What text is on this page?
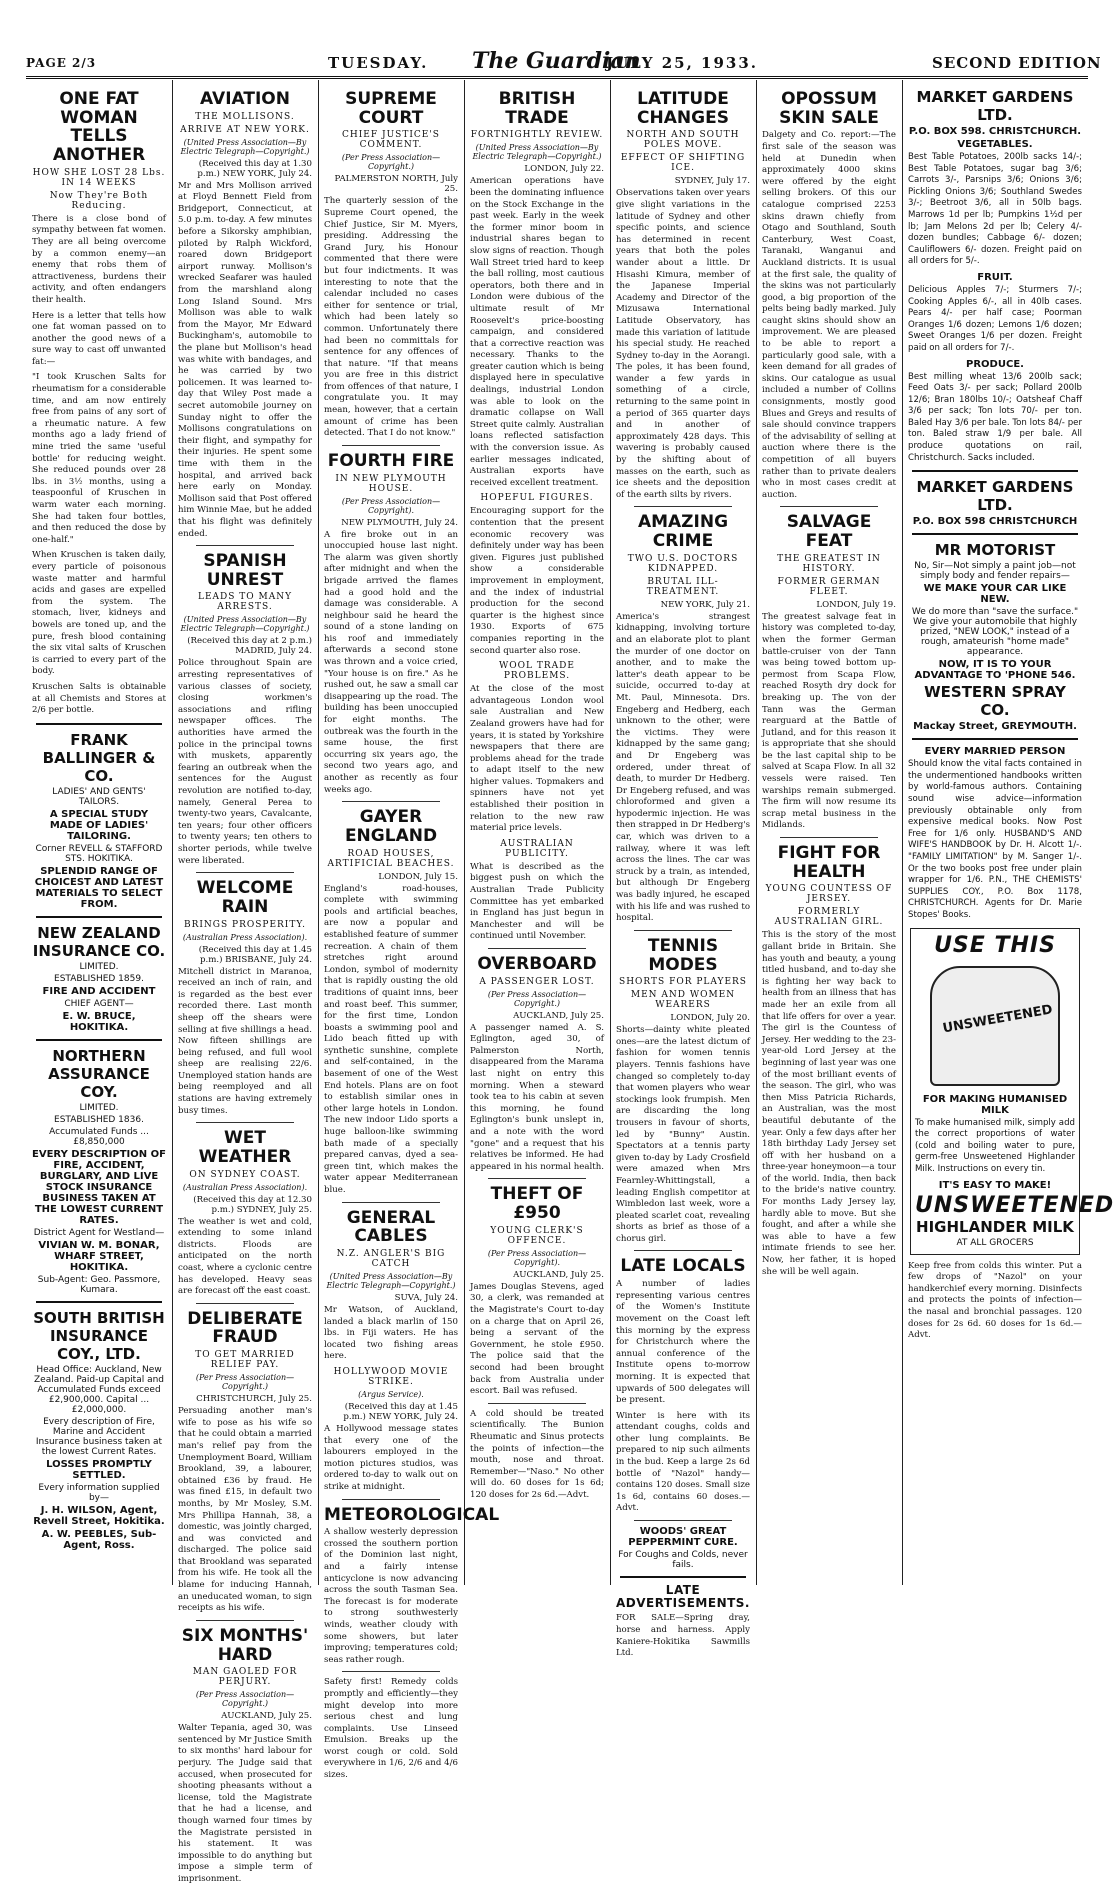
PAGE 2/3	TUESDAY. The Guardian
JULY 25, 1933.	SECOND EDITION
ONE FAT WOMAN TELLS ANOTHER
HOW SHE LOST 28 Lbs. IN 14 WEEKS
Now They're Both Reducing.

There is a close bond of sympathy between fat women. They are all being overcome by a common enemy—an enemy that robs them of attractiveness, burdens their activity, and often endangers their health.

Here is a letter that tells how one fat woman passed on to another the good news of a sure way to cast off unwanted fat:—

"I took Kruschen Salts for rheumatism for a considerable time, and am now entirely free from pains of any sort of a rheumatic nature. A few months ago a lady friend of mine tried the same 'useful bottle' for reducing weight. She reduced pounds over 28 lbs. in 3½ months, using a teaspoonful of Kruschen in warm water each morning. She had taken four bottles, and then reduced the dose by one-half."

When Kruschen is taken daily, every particle of poisonous waste matter and harmful acids and gases are expelled from the system. The stomach, liver, kidneys and bowels are toned up, and the pure, fresh blood containing the six vital salts of Kruschen is carried to every part of the body.

Kruschen Salts is obtainable at all Chemists and Stores at 2/6 per bottle.

FRANK BALLINGER & CO.
LADIES' AND GENTS' TAILORS.
A SPECIAL STUDY MADE OF LADIES' TAILORING.
Corner REVELL & STAFFORD STS. HOKITIKA.
SPLENDID RANGE OF CHOICEST AND LATEST MATERIALS TO SELECT FROM.
NEW ZEALAND INSURANCE CO.
LIMITED.
ESTABLISHED 1859.
FIRE AND ACCIDENT
CHIEF AGENT—
E. W. BRUCE, HOKITIKA.
NORTHERN ASSURANCE COY.
LIMITED.
ESTABLISHED 1836.
Accumulated Funds ... £8,850,000
EVERY DESCRIPTION OF FIRE, ACCIDENT, BURGLARY, AND LIVE STOCK INSURANCE BUSINESS TAKEN AT THE LOWEST CURRENT RATES.
District Agent for Westland—
VIVIAN W. M. BONAR, WHARF STREET, HOKITIKA.
Sub-Agent: Geo. Passmore, Kumara.
SOUTH BRITISH INSURANCE COY., LTD.
Head Office: Auckland, New Zealand. Paid-up Capital and Accumulated Funds exceed £2,900,000. Capital ... £2,000,000.
Every description of Fire, Marine and Accident Insurance business taken at the lowest Current Rates.
LOSSES PROMPTLY SETTLED.
Every information supplied by—
J. H. WILSON, Agent, Revell Street, Hokitika.
A. W. PEEBLES, Sub-Agent, Ross.
AVIATION
THE MOLLISONS.
ARRIVE AT NEW YORK.
(United Press Association—By Electric Telegraph—Copyright.)
(Received this day at 1.30 p.m.) NEW YORK, July 24.

Mr and Mrs Mollison arrived at Floyd Bennett Field from Bridgeport, Connecticut, at 5.0 p.m. to-day. A few minutes before a Sikorsky amphibian, piloted by Ralph Wickford, roared down Bridgeport airport runway. Mollison's wrecked Seafarer was hauled from the marshland along Long Island Sound. Mrs Mollison was able to walk from the Mayor, Mr Edward Buckingham's, automobile to the plane but Mollison's head was white with bandages, and he was carried by two policemen. It was learned to-day that Wiley Post made a secret automobile journey on Sunday night to offer the Mollisons congratulations on their flight, and sympathy for their injuries. He spent some time with them in the hospital, and arrived back here early on Monday. Mollison said that Post offered him Winnie Mae, but he added that his flight was definitely ended.

SPANISH UNREST
LEADS TO MANY ARRESTS.
(United Press Association—By Electric Telegraph—Copyright.)
(Received this day at 2 p.m.) MADRID, July 24.

Police throughout Spain are arresting representatives of various classes of society, closing workmen's associations and rifling newspaper offices. The authorities have armed the police in the principal towns with muskets, apparently fearing an outbreak when the sentences for the August revolution are notified to-day, namely, General Perea to twenty-two years, Cavalcante, ten years; four other officers to twenty years; ten others to shorter periods, while twelve were liberated.

WELCOME RAIN
BRINGS PROSPERITY.
(Australian Press Association).
(Received this day at 1.45 p.m.) BRISBANE, July 24.

Mitchell district in Maranoa, received an inch of rain, and is regarded as the best ever recorded there. Last month sheep off the shears were selling at five shillings a head. Now fifteen shillings are being refused, and full wool sheep are realising 22/6. Unemployed station hands are being reemployed and all stations are having extremely busy times.

WET WEATHER
ON SYDNEY COAST.
(Australian Press Association).
(Received this day at 12.30 p.m.) SYDNEY, July 25.

The weather is wet and cold, extending to some inland districts. Floods are anticipated on the north coast, where a cyclonic centre has developed. Heavy seas are forecast off the east coast.

DELIBERATE FRAUD
TO GET MARRIED RELIEF PAY.
(Per Press Association—Copyright.)
CHRISTCHURCH, July 25.

Persuading another man's wife to pose as his wife so that he could obtain a married man's relief pay from the Unemployment Board, William Brookland, 39, a labourer, obtained £36 by fraud. He was fined £15, in default two months, by Mr Mosley, S.M. Mrs Phillipa Hannah, 38, a domestic, was jointly charged, and was convicted and discharged. The police said that Brookland was separated from his wife. He took all the blame for inducing Hannah, an uneducated woman, to sign receipts as his wife.

SIX MONTHS' HARD
MAN GAOLED FOR PERJURY.
(Per Press Association—Copyright.)
AUCKLAND, July 25.

Walter Tepania, aged 30, was sentenced by Mr Justice Smith to six months' hard labour for perjury. The Judge said that accused, when prosecuted for shooting pheasants without a license, told the Magistrate that he had a license, and though warned four times by the Magistrate persisted in his statement. It was impossible to do anything but impose a simple term of imprisonment.

SUPREME COURT
CHIEF JUSTICE'S COMMENT.
(Per Press Association—Copyright.)
PALMERSTON NORTH, July 25.

The quarterly session of the Supreme Court opened, the Chief Justice, Sir M. Myers, presiding. Addressing the Grand Jury, his Honour commented that there were but four indictments. It was interesting to note that the calendar included no cases either for sentence or trial, which had been lately so common. Unfortunately there had been no committals for sentence for any offences of that nature. "If that means you are free in this district from offences of that nature, I congratulate you. It may mean, however, that a certain amount of crime has been detected. That I do not know."

FOURTH FIRE
IN NEW PLYMOUTH HOUSE.
(Per Press Association—Copyright).
NEW PLYMOUTH, July 24.

A fire broke out in an unoccupied house last night. The alarm was given shortly after midnight and when the brigade arrived the flames had a good hold and the damage was considerable. A neighbour said he heard the sound of a stone landing on his roof and immediately afterwards a second stone was thrown and a voice cried, "Your house is on fire." As he rushed out, he saw a small car disappearing up the road. The building has been unoccupied for eight months. The outbreak was the fourth in the same house, the first occurring six years ago, the second two years ago, and another as recently as four weeks ago.

GAYER ENGLAND
ROAD HOUSES, ARTIFICIAL BEACHES.
LONDON, July 15.

England's road-houses, complete with swimming pools and artificial beaches, are now a popular and established feature of summer recreation. A chain of them stretches right around London, symbol of modernity that is rapidly ousting the old traditions of quaint inns, beer and roast beef. This summer, for the first time, London boasts a swimming pool and Lido beach fitted up with synthetic sunshine, complete and self-contained, in the basement of one of the West End hotels. Plans are on foot to establish similar ones in other large hotels in London. The new indoor Lido sports a huge balloon-like swimming bath made of a specially prepared canvas, dyed a sea-green tint, which makes the water appear Mediterranean blue.

GENERAL CABLES
N.Z. ANGLER'S BIG CATCH
(United Press Association—By Electric Telegraph—Copyright.)
SUVA, July 24.

Mr Watson, of Auckland, landed a black marlin of 150 lbs. in Fiji waters. He has located two fishing areas here.

HOLLYWOOD MOVIE STRIKE.
(Argus Service).
(Received this day at 1.45 p.m.) NEW YORK, July 24.

A Hollywood message states that every one of the labourers employed in the motion pictures studios, was ordered to-day to walk out on strike at midnight.

METEOROLOGICAL

A shallow westerly depression crossed the southern portion of the Dominion last night, and a fairly intense anticyclone is now advancing across the south Tasman Sea. The forecast is for moderate to strong southwesterly winds, weather cloudy with some showers, but later improving; temperatures cold; seas rather rough.

Safety first! Remedy colds promptly and efficiently—they might develop into more serious chest and lung complaints. Use Linseed Emulsion. Breaks up the worst cough or cold. Sold everywhere in 1/6, 2/6 and 4/6 sizes.

BRITISH TRADE
FORTNIGHTLY REVIEW.
(United Press Association—By Electric Telegraph—Copyright.)
LONDON, July 22.

American operations have been the dominating influence on the Stock Exchange in the past week. Early in the week the former minor boom in industrial shares began to slow signs of reaction. Though Wall Street tried hard to keep the ball rolling, most cautious operators, both there and in London were dubious of the ultimate result of Mr Roosevelt's price-boosting campaign, and considered that a corrective reaction was necessary. Thanks to the greater caution which is being displayed here in speculative dealings, industrial London was able to look on the dramatic collapse on Wall Street quite calmly. Australian loans reflected satisfaction with the conversion issue. As earlier messages indicated, Australian exports have received excellent treatment.

HOPEFUL FIGURES.

Encouraging support for the contention that the present economic recovery was definitely under way has been given. Figures just published show a considerable improvement in employment, and the index of industrial production for the second quarter is the highest since 1930. Exports of 675 companies reporting in the second quarter also rose.

WOOL TRADE PROBLEMS.

At the close of the most advantageous London wool sale Australian and New Zealand growers have had for years, it is stated by Yorkshire newspapers that there are problems ahead for the trade to adapt itself to the new higher values. Topmakers and spinners have not yet established their position in relation to the new raw material price levels.

AUSTRALIAN PUBLICITY.

What is described as the biggest push on which the Australian Trade Publicity Committee has yet embarked in England has just begun in Manchester and will be continued until November.

OVERBOARD
A PASSENGER LOST.
(Per Press Association—Copyright.)
AUCKLAND, July 25.

A passenger named A. S. Eglington, aged 30, of Palmerston North, disappeared from the Marama last night on entry this morning. When a steward took tea to his cabin at seven this morning, he found Eglington's bunk unslept in, and a note with the word "gone" and a request that his relatives be informed. He had appeared in his normal health.

THEFT OF £950
YOUNG CLERK'S OFFENCE.
(Per Press Association—Copyright).
AUCKLAND, July 25.

James Douglas Stevens, aged 30, a clerk, was remanded at the Magistrate's Court to-day on a charge that on April 26, being a servant of the Government, he stole £950. The police said that the second had been brought back from Australia under escort. Bail was refused.

A cold should be treated scientifically. The Bunion Rheumatic and Sinus protects the points of infection—the mouth, nose and throat. Remember—"Naso." No other will do. 60 doses for 1s 6d; 120 doses for 2s 6d.—Advt.

LATITUDE CHANGES
NORTH AND SOUTH POLES MOVE.
EFFECT OF SHIFTING ICE.
SYDNEY, July 17.

Observations taken over years give slight variations in the latitude of Sydney and other specific points, and science has determined in recent years that both the poles wander about a little. Dr Hisashi Kimura, member of the Japanese Imperial Academy and Director of the Mizusawa International Latitude Observatory, has made this variation of latitude his special study. He reached Sydney to-day in the Aorangi. The poles, it has been found, wander a few yards in something of a circle, returning to the same point in a period of 365 quarter days and in another of approximately 428 days. This wavering is probably caused by the shifting about of masses on the earth, such as ice sheets and the deposition of the earth silts by rivers.

AMAZING CRIME
TWO U.S. DOCTORS KIDNAPPED.
BRUTAL ILL-TREATMENT.
NEW YORK, July 21.

America's strangest kidnapping, involving torture and an elaborate plot to plant the murder of one doctor on another, and to make the latter's death appear to be suicide, occurred to-day at Mt. Paul, Minnesota. Drs. Engeberg and Hedberg, each unknown to the other, were the victims. They were kidnapped by the same gang; and Dr Engeberg was ordered, under threat of death, to murder Dr Hedberg. Dr Engeberg refused, and was chloroformed and given a hypodermic injection. He was then strapped in Dr Hedberg's car, which was driven to a railway, where it was left across the lines. The car was struck by a train, as intended, but although Dr Engeberg was badly injured, he escaped with his life and was rushed to hospital.

TENNIS MODES
SHORTS FOR PLAYERS
MEN AND WOMEN WEARERS
LONDON, July 20.

Shorts—dainty white pleated ones—are the latest dictum of fashion for women tennis players. Tennis fashions have changed so completely to-day that women players who wear stockings look frumpish. Men are discarding the long trousers in favour of shorts, led by "Bunny" Austin. Spectators at a tennis party given to-day by Lady Crosfield were amazed when Mrs Fearnley-Whittingstall, a leading English competitor at Wimbledon last week, wore a pleated scarlet coat, revealing shorts as brief as those of a chorus girl.

LATE LOCALS

A number of ladies representing various centres of the Women's Institute movement on the Coast left this morning by the express for Christchurch where the annual conference of the Institute opens to-morrow morning. It is expected that upwards of 500 delegates will be present.

Winter is here with its attendant coughs, colds and other lung complaints. Be prepared to nip such ailments in the bud. Keep a large 2s 6d bottle of "Nazol" handy—contains 120 doses. Small size 1s 6d, contains 60 doses.—Advt.

WOODS' GREAT PEPPERMINT CURE.
For Coughs and Colds, never fails.
LATE ADVERTISEMENTS.

FOR SALE—Spring dray, horse and harness. Apply Kaniere-Hokitika Sawmills Ltd.

OPOSSUM SKIN SALE

Dalgety and Co. report:—The first sale of the season was held at Dunedin when approximately 4000 skins were offered by the eight selling brokers. Of this our catalogue comprised 2253 skins drawn chiefly from Otago and Southland, South Canterbury, West Coast, Taranaki, Wanganui and Auckland districts. It is usual at the first sale, the quality of the skins was not particularly good, a big proportion of the pelts being badly marked. July caught skins should show an improvement. We are pleased to be able to report a particularly good sale, with a keen demand for all grades of skins. Our catalogue as usual included a number of Collins consignments, mostly good Blues and Greys and results of sale should convince trappers of the advisability of selling at auction where there is the competition of all buyers rather than to private dealers who in most cases credit at auction.

SALVAGE FEAT
THE GREATEST IN HISTORY.
FORMER GERMAN FLEET.
LONDON, July 19.

The greatest salvage feat in history was completed to-day, when the former German battle-cruiser von der Tann was being towed bottom up-permost from Scapa Flow, reached Rosyth dry dock for breaking up. The von der Tann was the German rearguard at the Battle of Jutland, and for this reason it is appropriate that she should be the last capital ship to be salved at Scapa Flow. In all 32 vessels were raised. Ten warships remain submerged. The firm will now resume its scrap metal business in the Midlands.

FIGHT FOR HEALTH
YOUNG COUNTESS OF JERSEY.
FORMERLY AUSTRALIAN GIRL.

This is the story of the most gallant bride in Britain. She has youth and beauty, a young titled husband, and to-day she is fighting her way back to health from an illness that has made her an exile from all that life offers for over a year. The girl is the Countess of Jersey. Her wedding to the 23-year-old Lord Jersey at the beginning of last year was one of the most brilliant events of the season. The girl, who was then Miss Patricia Richards, an Australian, was the most beautiful debutante of the year. Only a few days after her 18th birthday Lady Jersey set off with her husband on a three-year honeymoon—a tour of the world. India, then back to the bride's native country. For months Lady Jersey lay, hardly able to move. But she fought, and after a while she was able to have a few intimate friends to see her. Now, her father, it is hoped she will be well again.

MARKET GARDENS LTD.
P.O. BOX 598. CHRISTCHURCH.
VEGETABLES.

Best Table Potatoes, 200lb sacks 14/-; Best Table Potatoes, sugar bag 3/6; Carrots 3/-, Parsnips 3/6; Onions 3/6; Pickling Onions 3/6; Southland Swedes 3/-; Beetroot 3/6, all in 50lb bags. Marrows 1d per lb; Pumpkins 1½d per lb; Jam Melons 2d per lb; Celery 4/- dozen bundles; Cabbage 6/- dozen; Cauliflowers 6/- dozen. Freight paid on all orders for 5/-.

FRUIT.

Delicious Apples 7/-; Sturmers 7/-; Cooking Apples 6/-, all in 40lb cases. Pears 4/- per half case; Poorman Oranges 1/6 dozen; Lemons 1/6 dozen; Sweet Oranges 1/6 per dozen. Freight paid on all orders for 7/-.

PRODUCE.

Best milling wheat 13/6 200lb sack; Feed Oats 3/- per sack; Pollard 200lb 12/6; Bran 180lbs 10/-; Oatsheaf Chaff 3/6 per sack; Ton lots 70/- per ton. Baled Hay 3/6 per bale. Ton lots 84/- per ton. Baled straw 1/9 per bale. All produce quotations on rail, Christchurch. Sacks included.

MARKET GARDENS LTD.
P.O. BOX 598 CHRISTCHURCH
MR MOTORIST
No, Sir—Not simply a paint job—not simply body and fender repairs—
WE MAKE YOUR CAR LIKE NEW.
We do more than "save the surface." We give your automobile that highly prized, "NEW LOOK," instead of a rough, amateurish "home made" appearance.
NOW, IT IS TO YOUR ADVANTAGE TO 'PHONE 546.
WESTERN SPRAY CO.
Mackay Street, GREYMOUTH.
EVERY MARRIED PERSON

Should know the vital facts contained in the undermentioned handbooks written by world-famous authors. Containing sound wise advice—information previously obtainable only from expensive medical books. Now Post Free for 1/6 only. HUSBAND'S AND WIFE'S HANDBOOK by Dr. H. Alcott 1/-. "FAMILY LIMITATION" by M. Sanger 1/-. Or the two books post free under plain wrapper for 1/6. P.N., THE CHEMISTS' SUPPLIES COY., P.O. Box 1178, CHRISTCHURCH. Agents for Dr. Marie Stopes' Books.

USE THIS
UNSWEETENED
FOR MAKING HUMANISED MILK

To make humanised milk, simply add the correct proportions of water (cold and boiling water to pure, germ-free Unsweetened Highlander Milk. Instructions on every tin.

IT'S EASY TO MAKE!
UNSWEETENED
HIGHLANDER MILK
AT ALL GROCERS

Keep free from colds this winter. Put a few drops of "Nazol" on your handkerchief every morning. Disinfects and protects the points of infection—the nasal and bronchial passages. 120 doses for 2s 6d. 60 doses for 1s 6d.—Advt.
